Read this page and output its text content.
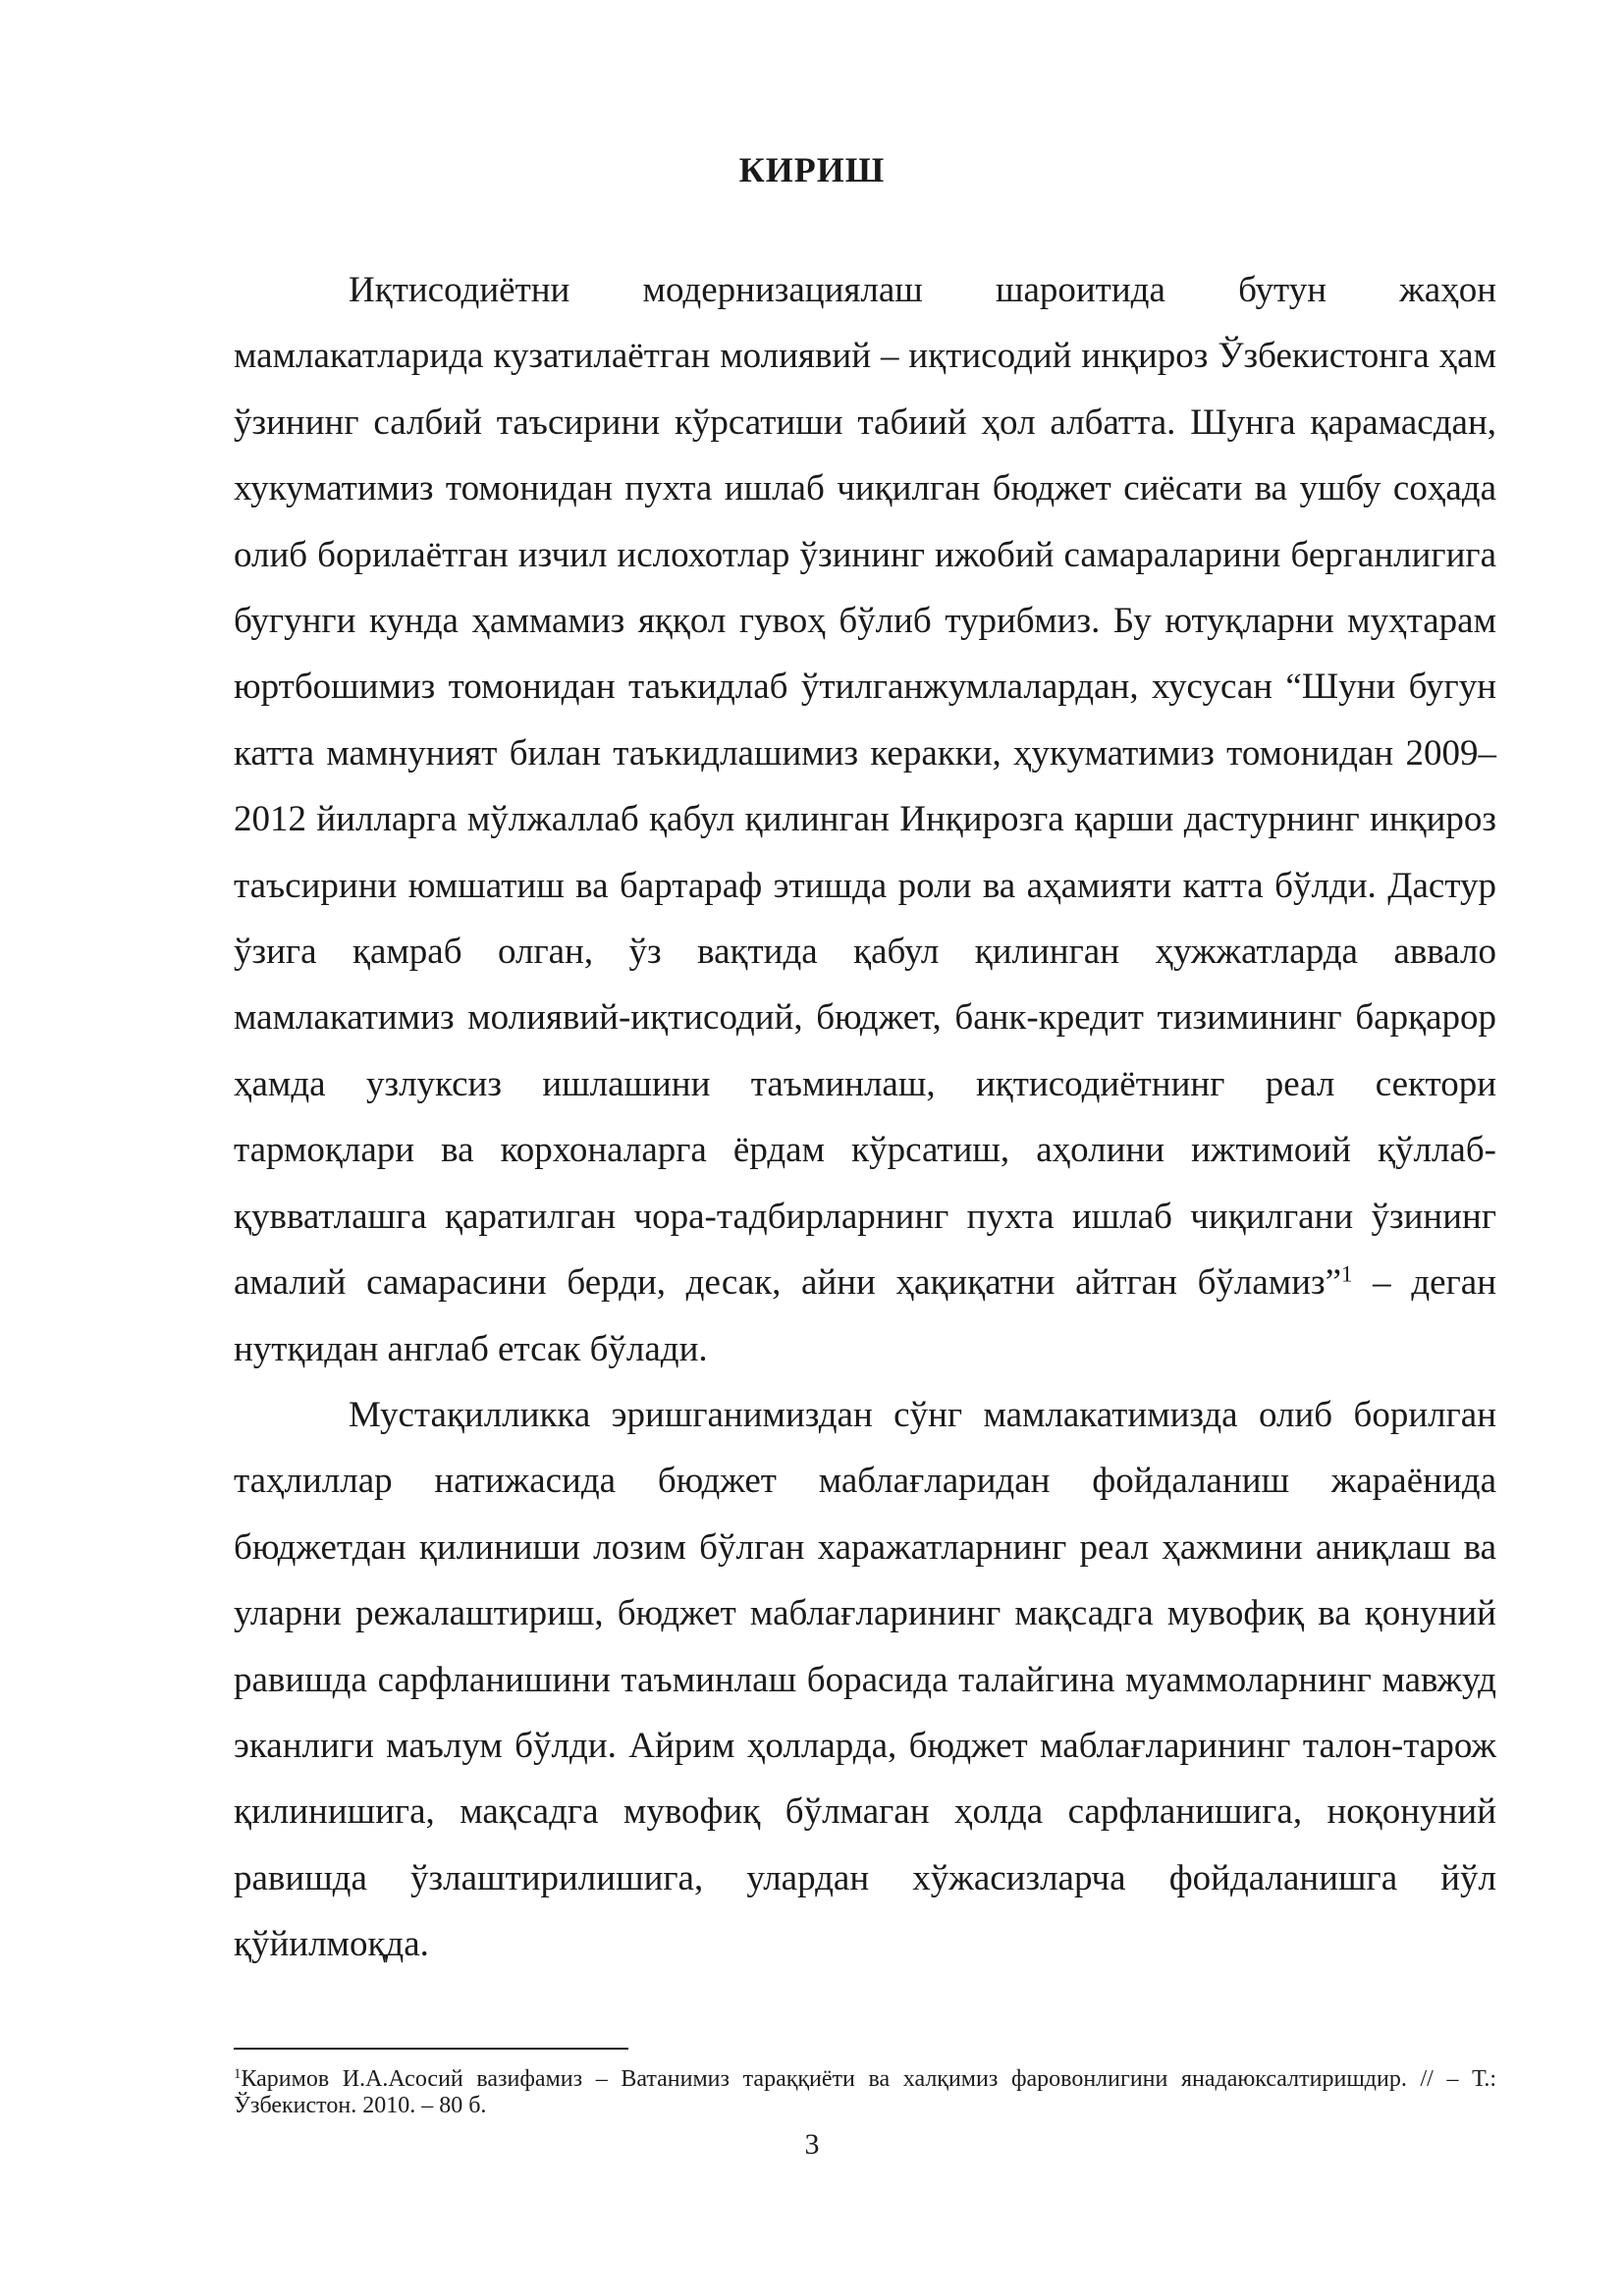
КИРИШ

Иқтисодиётни модернизациялаш шароитида бутун жаҳон мамлакатларида кузатилаётган молиявий – иқтисодий инқироз Ўзбекистонга ҳам ўзининг салбий таъсирини кўрсатиши табиий ҳол албатта. Шунга қарамасдан, хукуматимиз томонидан пухта ишлаб чиқилган бюджет сиёсати ва ушбу соҳада олиб борилаётган изчил ислохотлар ўзининг ижобий самараларини берганлигига бугунги кунда ҳаммамиз яққол гувоҳ бўлиб турибмиз. Бу ютуқларни муҳтарам юртбошимиз томонидан таъкидлаб ўтилганжумлалардан, хусусан “Шуни бугун катта мамнуният билан таъкидлашимиз керакки, ҳукуматимиз томонидан 2009–2012 йилларга мўлжаллаб қабул қилинган Инқирозга қарши дастурнинг инқироз таъсирини юмшатиш ва бартараф этишда роли ва аҳамияти катта бўлди. Дастур ўзига қамраб олган, ўз вақтида қабул қилинган ҳужжатларда аввало мамлакатимиз молиявий-иқтисодий, бюджет, банк-кредит тизимининг барқарор ҳамда узлуксиз ишлашини таъминлаш, иқтисодиётнинг реал сектори тармоқлари ва корхоналарга ёрдам кўрсатиш, аҳолини ижтимоий қўллаб-қувватлашга қаратилган чора-тадбирларнинг пухта ишлаб чиқилгани ўзининг амалий самарасини берди, десак, айни ҳақиқатни айтган бўламиз”$^1$ – деган нутқидан англаб етсак бўлади.

Мустақилликка эришганимиздан сўнг мамлакатимизда олиб борилган таҳлиллар натижасида бюджет маблағларидан фойдаланиш жараёнида бюджетдан қилиниши лозим бўлган харажатларнинг реал ҳажмини аниқлаш ва уларни режалаштириш, бюджет маблағларининг мақсадга мувофиқ ва қонуний равишда сарфланишини таъминлаш борасида талайгина муаммоларнинг мавжуд эканлиги маълум бўлди. Айрим ҳолларда, бюджет маблағларининг талон-тарож қилинишига, мақсадга мувофиқ бўлмаган ҳолда сарфланишига, ноқонуний равишда ўзлаштирилишига, улардан хўжасизларча фойдаланишга йўл қўйилмоқда.

$^1$Каримов И.А.Асосий вазифамиз – Ватанимиз тараққиёти ва халқимиз фаровонлигини янадаюксалтиришдир. // – Т.: Ўзбекистон. 2010. – 80 б.

3
